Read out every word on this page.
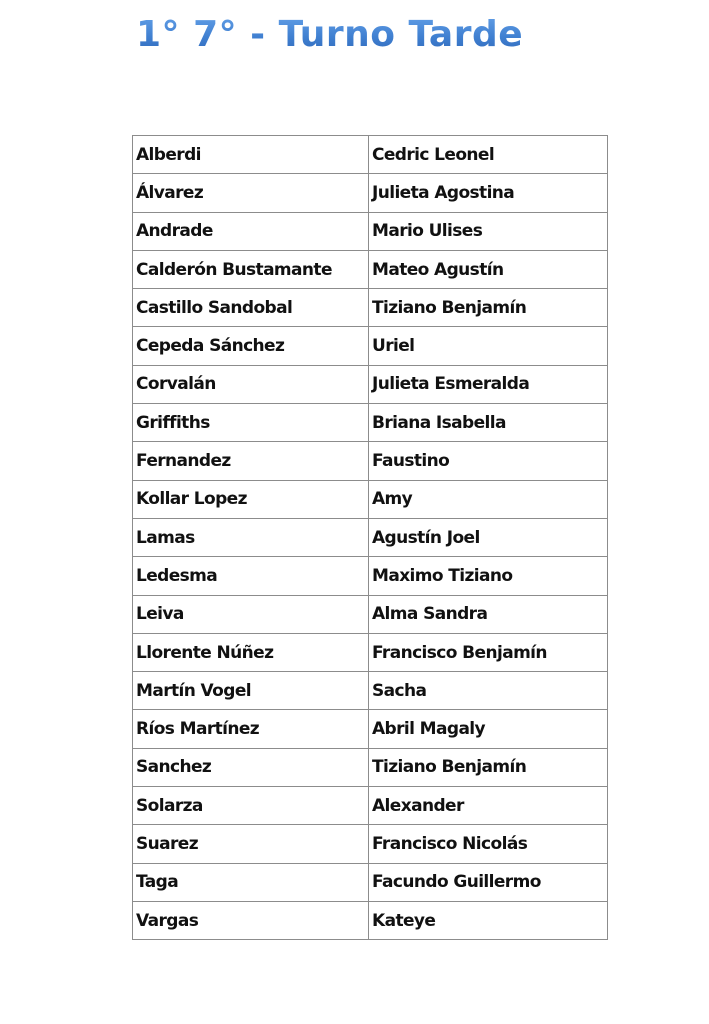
1° 7° - Turno Tarde
Alberdi	Cedric Leonel
Álvarez	Julieta Agostina
Andrade	Mario Ulises
Calderón Bustamante	Mateo Agustín
Castillo Sandobal	Tiziano Benjamín
Cepeda Sánchez	Uriel
Corvalán	Julieta Esmeralda
Griffiths	Briana Isabella
Fernandez	Faustino
Kollar Lopez	Amy
Lamas	Agustín Joel
Ledesma	Maximo Tiziano
Leiva	Alma Sandra
Llorente Núñez	Francisco Benjamín
Martín Vogel	Sacha
Ríos Martínez	Abril Magaly
Sanchez	Tiziano Benjamín
Solarza	Alexander
Suarez	Francisco Nicolás
Taga	Facundo Guillermo
Vargas	Kateye
